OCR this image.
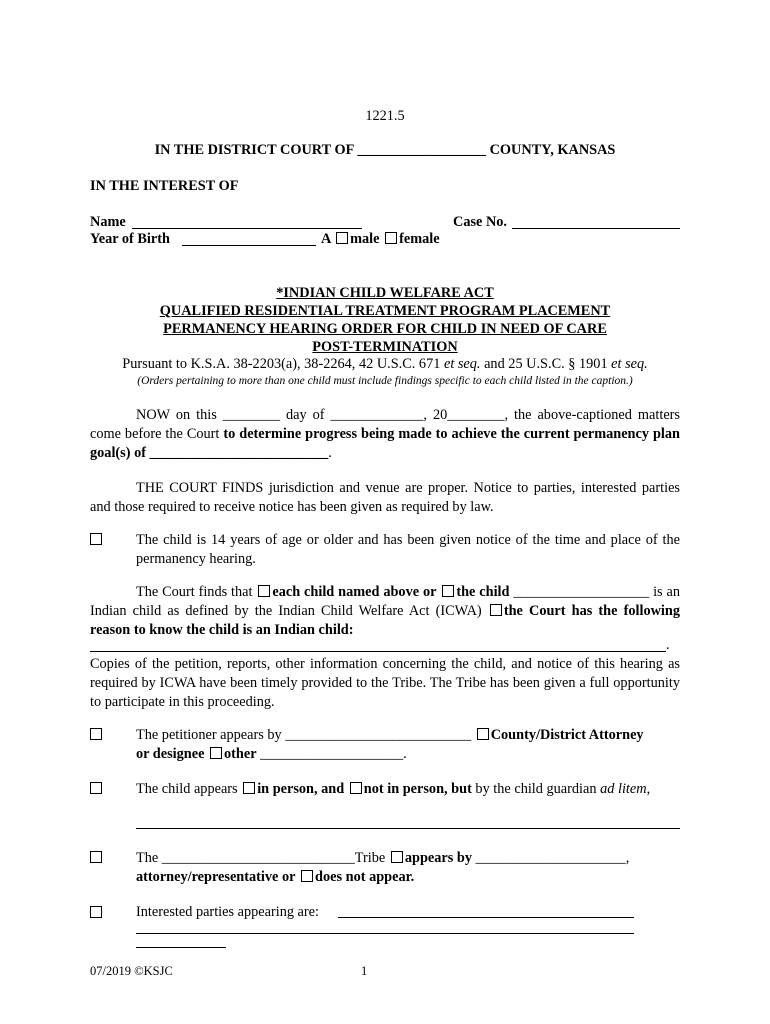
1221.5
IN THE DISTRICT COURT OF __________________ COUNTY, KANSAS
IN THE INTEREST OF
Name	Case No.
Year of Birth	A male female
*INDIAN CHILD WELFARE ACT
QUALIFIED RESIDENTIAL TREATMENT PROGRAM PLACEMENT
PERMANENCY HEARING ORDER FOR CHILD IN NEED OF CARE
POST-TERMINATION
Pursuant to K.S.A. 38-2203(a), 38-2264, 42 U.S.C. 671 et seq. and 25 U.S.C. § 1901 et seq.
(Orders pertaining to more than one child must include findings specific to each child listed in the caption.)
NOW on this ________ day of _____________, 20________, the above-captioned matters come before the Court to determine progress being made to achieve the current permanency plan goal(s) of _________________________.
THE COURT FINDS jurisdiction and venue are proper. Notice to parties, interested parties and those required to receive notice has been given as required by law.
The child is 14 years of age or older and has been given notice of the time and place of the permanency hearing.
The Court finds that each child named above or the child ___________________ is an Indian child as defined by the Indian Child Welfare Act (ICWA) the Court has the following reason to know the child is an Indian child:
.
Copies of the petition, reports, other information concerning the child, and notice of this hearing as required by ICWA have been timely provided to the Tribe. The Tribe has been given a full opportunity to participate in this proceeding.
The petitioner appears by __________________________ County/District Attorney
or designee other ____________________.
The child appears in person, and not in person, but by the child guardian ad litem,
The ___________________________Tribe appears by _____________________,
attorney/representative or does not appear.
Interested parties appearing are:
07/2019 ©KSJC	1
